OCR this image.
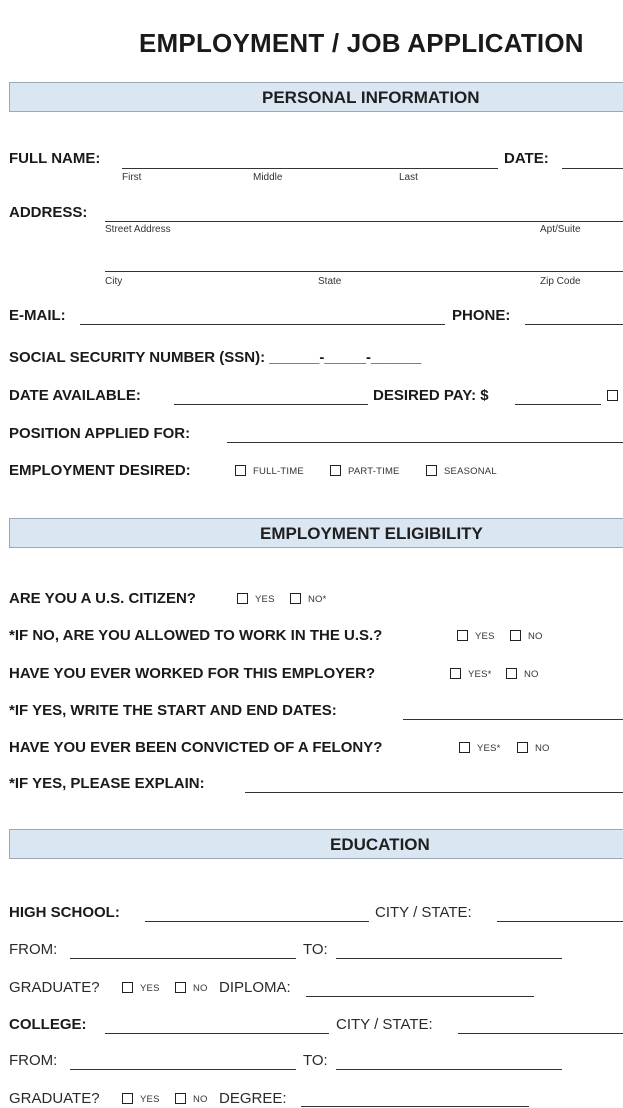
EMPLOYMENT / JOB APPLICATION
PERSONAL INFORMATION
FULL NAME:
First	Middle	Last
DATE:
ADDRESS:
Street Address	Apt/Suite
City	State	Zip Code
E-MAIL:	PHONE:
SOCIAL SECURITY NUMBER (SSN): ______-_____-______
DATE AVAILABLE:	DESIRED PAY: $
POSITION APPLIED FOR:
EMPLOYMENT DESIRED:	FULL-TIME	PART-TIME	SEASONAL
EMPLOYMENT ELIGIBILITY
ARE YOU A U.S. CITIZEN?	YES	NO*
*IF NO, ARE YOU ALLOWED TO WORK IN THE U.S.?	YES	NO
HAVE YOU EVER WORKED FOR THIS EMPLOYER?	YES*	NO
*IF YES, WRITE THE START AND END DATES:
HAVE YOU EVER BEEN CONVICTED OF A FELONY?	YES*	NO
*IF YES, PLEASE EXPLAIN:
EDUCATION
HIGH SCHOOL:	CITY / STATE:
FROM:	TO:
GRADUATE?	YES	NO DIPLOMA:
COLLEGE:	CITY / STATE:
FROM:	TO:
GRADUATE?	YES	NO DEGREE:
